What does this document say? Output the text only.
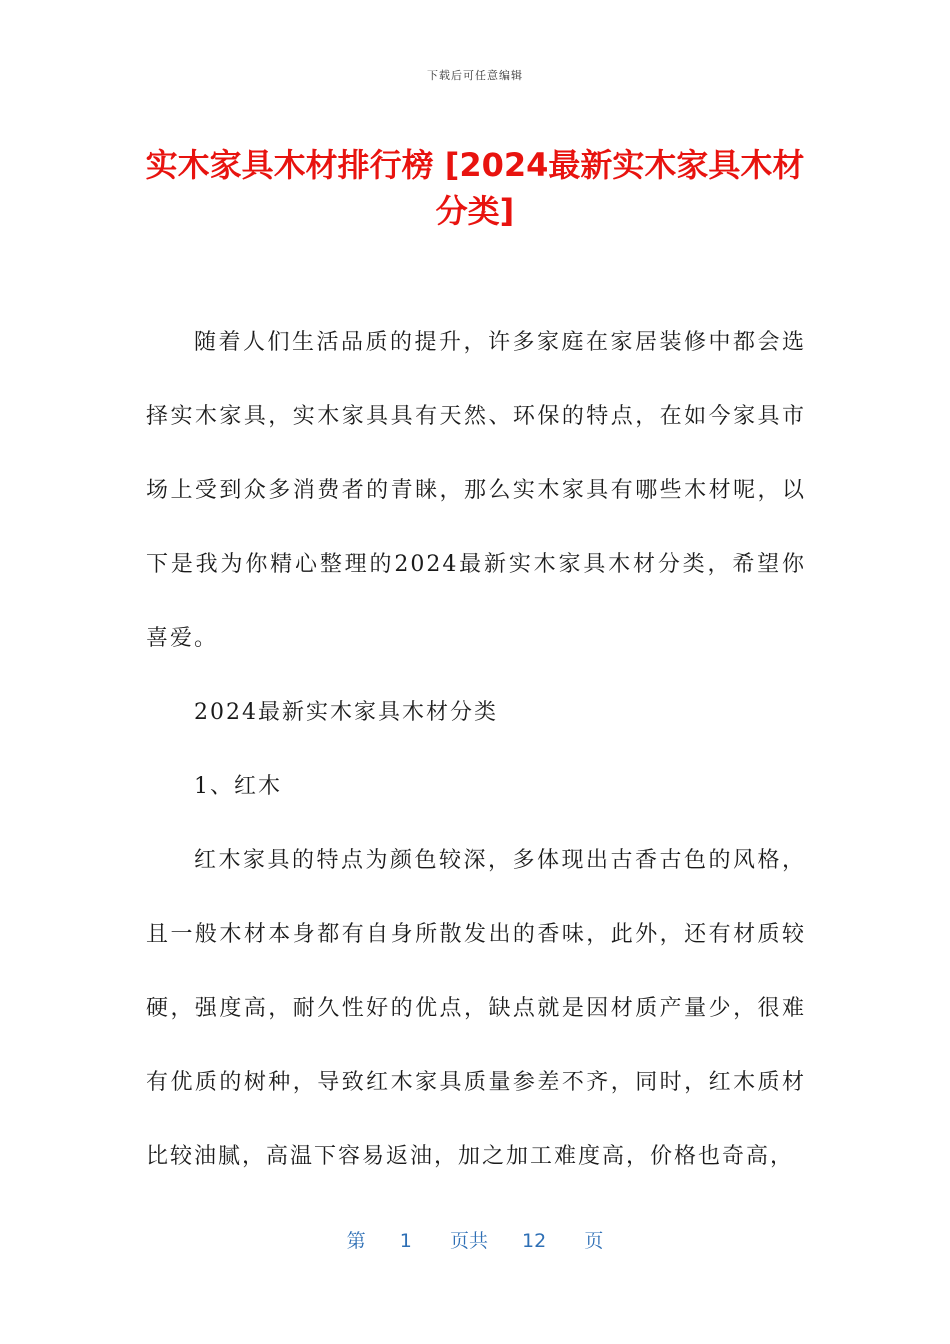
下载后可任意编辑
实木家具木材排行榜 [2024最新实木家具木材分类]

随着人们生活品质的提升，许多家庭在家居装修中都会选择实木家具，实木家具具有天然、环保的特点，在如今家具市场上受到众多消费者的青睐，那么实木家具有哪些木材呢，以下是我为你精心整理的2024最新实木家具木材分类，希望你喜爱。

2024最新实木家具木材分类

1、红木

红木家具的特点为颜色较深，多体现出古香古色的风格，且一般木材本身都有自身所散发出的香味，此外，还有材质较硬，强度高，耐久性好的优点，缺点就是因材质产量少，很难有优质的树种，导致红木家具质量参差不齐，同时，红木质材比较油腻，高温下容易返油，加之加工难度高，价格也奇高，

第 1 页共 12 页
